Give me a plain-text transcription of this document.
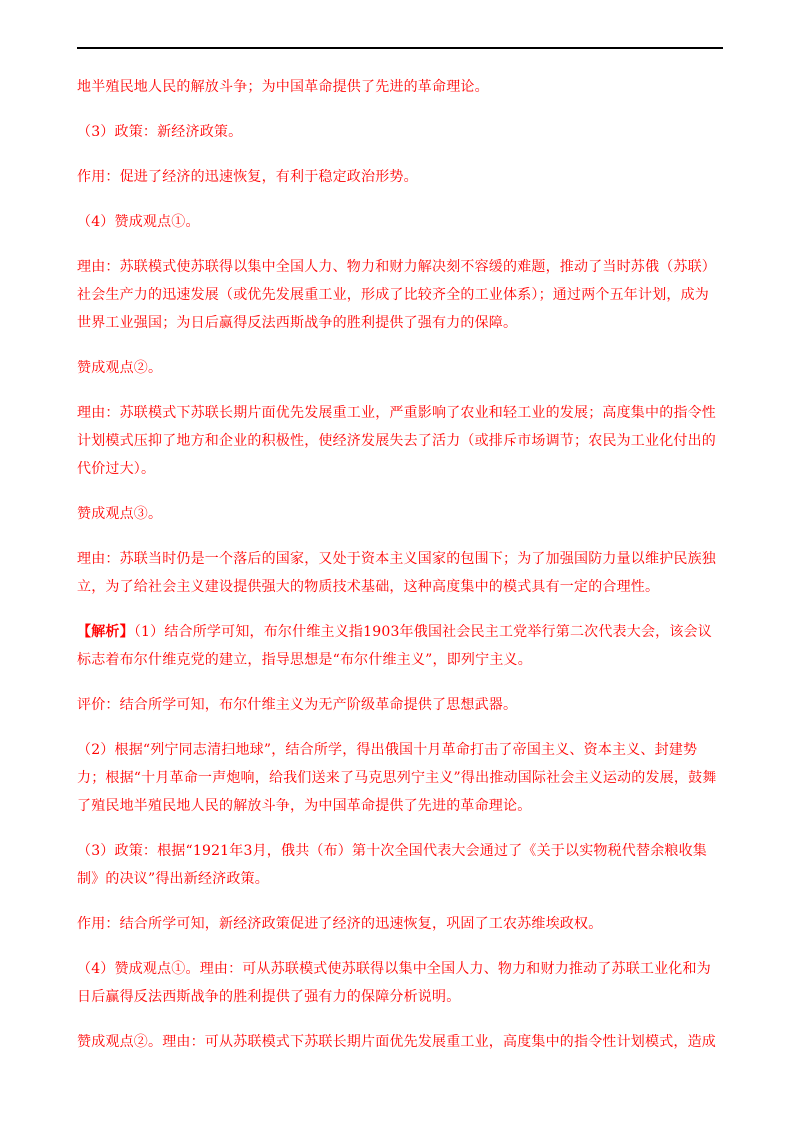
地半殖民地人民的解放斗争；为中国革命提供了先进的革命理论。

（3）政策：新经济政策。

作用：促进了经济的迅速恢复，有利于稳定政治形势。

（4）赞成观点①。

理由：苏联模式使苏联得以集中全国人力、物力和财力解决刻不容缓的难题，推动了当时苏俄（苏联）社会生产力的迅速发展（或优先发展重工业，形成了比较齐全的工业体系）；通过两个五年计划，成为世界工业强国；为日后赢得反法西斯战争的胜利提供了强有力的保障。

赞成观点②。

理由：苏联模式下苏联长期片面优先发展重工业，严重影响了农业和轻工业的发展；高度集中的指令性计划模式压抑了地方和企业的积极性，使经济发展失去了活力（或排斥市场调节；农民为工业化付出的代价过大）。

赞成观点③。

理由：苏联当时仍是一个落后的国家，又处于资本主义国家的包围下；为了加强国防力量以维护民族独立，为了给社会主义建设提供强大的物质技术基础，这种高度集中的模式具有一定的合理性。

【解析】（1）结合所学可知，布尔什维主义指1903年俄国社会民主工党举行第二次代表大会，该会议标志着布尔什维克党的建立，指导思想是“布尔什维主义”，即列宁主义。

评价：结合所学可知，布尔什维主义为无产阶级革命提供了思想武器。

（2）根据“列宁同志清扫地球”，结合所学，得出俄国十月革命打击了帝国主义、资本主义、封建势力；根据“十月革命一声炮响，给我们送来了马克思列宁主义”得出推动国际社会主义运动的发展，鼓舞了殖民地半殖民地人民的解放斗争，为中国革命提供了先进的革命理论。

（3）政策：根据“1921年3月，俄共（布）第十次全国代表大会通过了《关于以实物税代替余粮收集制》的决议”得出新经济政策。

作用：结合所学可知，新经济政策促进了经济的迅速恢复，巩固了工农苏维埃政权。

（4）赞成观点①。理由：可从苏联模式使苏联得以集中全国人力、物力和财力推动了苏联工业化和为日后赢得反法西斯战争的胜利提供了强有力的保障分析说明。

赞成观点②。理由：可从苏联模式下苏联长期片面优先发展重工业，高度集中的指令性计划模式，造成
